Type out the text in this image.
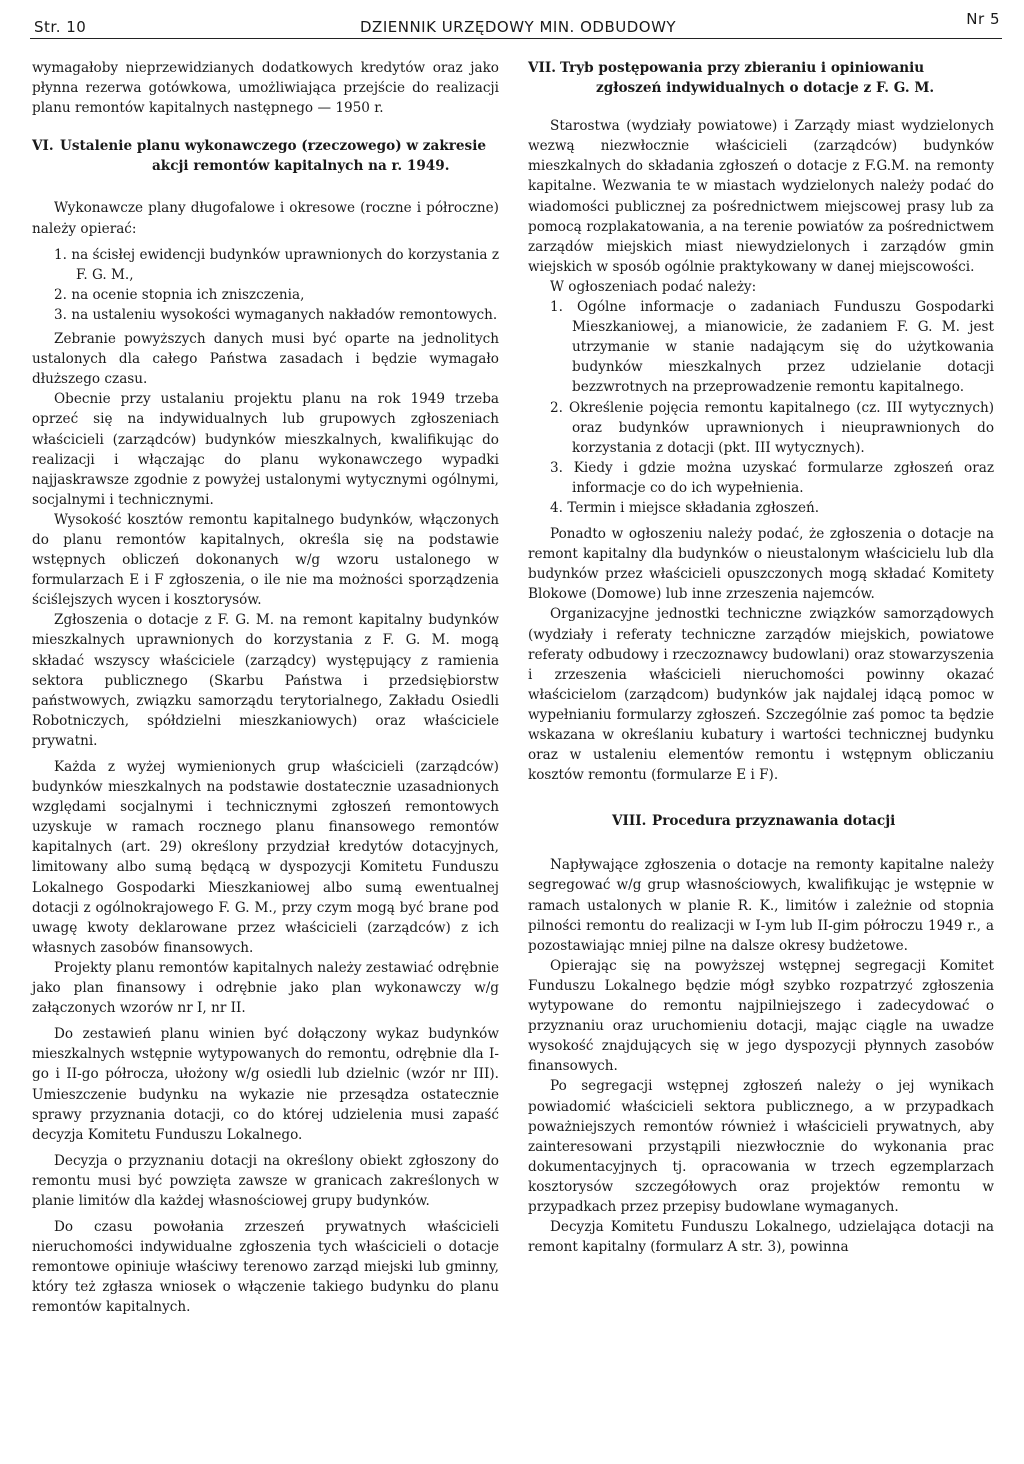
Str. 10	DZIENNIK URZĘDOWY MIN. ODBUDOWY	Nr 5

wymagałoby nieprzewidzianych dodatkowych kredytów oraz jako płynna rezerwa gotówkowa, umożliwiająca przejście do realizacji planu remontów kapitalnych następnego — 1950 r.

VI. Ustalenie planu wykonawczego (rzeczowego) w zakresie
akcji remontów kapitalnych na r. 1949.

Wykonawcze plany długofalowe i okresowe (roczne i półroczne) należy opierać:

1. na ścisłej ewidencji budynków uprawnionych do korzystania z F. G. M.,
2. na ocenie stopnia ich zniszczenia,
3. na ustaleniu wysokości wymaganych nakładów remontowych.

Zebranie powyższych danych musi być oparte na jednolitych ustalonych dla całego Państwa zasadach i będzie wymagało dłuższego czasu.

Obecnie przy ustalaniu projektu planu na rok 1949 trzeba oprzeć się na indywidualnych lub grupowych zgłoszeniach właścicieli (zarządców) budynków mieszkalnych, kwalifikując do realizacji i włączając do planu wykonawczego wypadki najjaskrawsze zgodnie z powyżej ustalonymi wytycznymi ogólnymi, socjalnymi i technicznymi.

Wysokość kosztów remontu kapitalnego budynków, włączonych do planu remontów kapitalnych, określa się na podstawie wstępnych obliczeń dokonanych w/g wzoru ustalonego w formularzach E i F zgłoszenia, o ile nie ma możności sporządzenia ściślejszych wycen i kosztorysów.

Zgłoszenia o dotacje z F. G. M. na remont kapitalny budynków mieszkalnych uprawnionych do korzystania z F. G. M. mogą składać wszyscy właściciele (zarządcy) występujący z ramienia sektora publicznego (Skarbu Państwa i przedsiębiorstw państwowych, związku samorządu terytorialnego, Zakładu Osiedli Robotniczych, spółdzielni mieszkaniowych) oraz właściciele prywatni.

Każda z wyżej wymienionych grup właścicieli (zarządców) budynków mieszkalnych na podstawie dostatecznie uzasadnionych względami socjalnymi i technicznymi zgłoszeń remontowych uzyskuje w ramach rocznego planu finansowego remontów kapitalnych (art. 29) określony przydział kredytów dotacyjnych, limitowany albo sumą będącą w dyspozycji Komitetu Funduszu Lokalnego Gospodarki Mieszkaniowej albo sumą ewentualnej dotacji z ogólnokrajowego F. G. M., przy czym mogą być brane pod uwagę kwoty deklarowane przez właścicieli (zarządców) z ich własnych zasobów finansowych.

Projekty planu remontów kapitalnych należy zestawiać odrębnie jako plan finansowy i odrębnie jako plan wykonawczy w/g załączonych wzorów nr I, nr II.

Do zestawień planu winien być dołączony wykaz budynków mieszkalnych wstępnie wytypowanych do remontu, odrębnie dla I-go i II-go półrocza, ułożony w/g osiedli lub dzielnic (wzór nr III). Umieszczenie budynku na wykazie nie przesądza ostatecznie sprawy przyznania dotacji, co do której udzielenia musi zapaść decyzja Komitetu Funduszu Lokalnego.

Decyzja o przyznaniu dotacji na określony obiekt zgłoszony do remontu musi być powzięta zawsze w granicach zakreślonych w planie limitów dla każdej własnościowej grupy budynków.

Do czasu powołania zrzeszeń prywatnych właścicieli nieruchomości indywidualne zgłoszenia tych właścicieli o dotacje remontowe opiniuje właściwy terenowo zarząd miejski lub gminny, który też zgłasza wniosek o włączenie takiego budynku do planu remontów kapitalnych.

VII. Tryb postępowania przy zbieraniu i opiniowaniu
zgłoszeń indywidualnych o dotacje z F. G. M.

Starostwa (wydziały powiatowe) i Zarządy miast wydzielonych wezwą niezwłocznie właścicieli (zarządców) budynków mieszkalnych do składania zgłoszeń o dotacje z F.G.M. na remonty kapitalne. Wezwania te w miastach wydzielonych należy podać do wiadomości publicznej za pośrednictwem miejscowej prasy lub za pomocą rozplakatowania, a na terenie powiatów za pośrednictwem zarządów miejskich miast niewydzielonych i zarządów gmin wiejskich w sposób ogólnie praktykowany w danej miejscowości.

W ogłoszeniach podać należy:

1. Ogólne informacje o zadaniach Funduszu Gospodarki Mieszkaniowej, a mianowicie, że zadaniem F. G. M. jest utrzymanie w stanie nadającym się do użytkowania budynków mieszkalnych przez udzielanie dotacji bezzwrotnych na przeprowadzenie remontu kapitalnego.
2. Określenie pojęcia remontu kapitalnego (cz. III wytycznych) oraz budynków uprawnionych i nieuprawnionych do korzystania z dotacji (pkt. III wytycznych).
3. Kiedy i gdzie można uzyskać formularze zgłoszeń oraz informacje co do ich wypełnienia.
4. Termin i miejsce składania zgłoszeń.

Ponadto w ogłoszeniu należy podać, że zgłoszenia o dotacje na remont kapitalny dla budynków o nieustalonym właścicielu lub dla budynków przez właścicieli opuszczonych mogą składać Komitety Blokowe (Domowe) lub inne zrzeszenia najemców.

Organizacyjne jednostki techniczne związków samorządowych (wydziały i referaty techniczne zarządów miejskich, powiatowe referaty odbudowy i rzeczoznawcy budowlani) oraz stowarzyszenia i zrzeszenia właścicieli nieruchomości powinny okazać właścicielom (zarządcom) budynków jak najdalej idącą pomoc w wypełnianiu formularzy zgłoszeń. Szczególnie zaś pomoc ta będzie wskazana w określaniu kubatury i wartości technicznej budynku oraz w ustaleniu elementów remontu i wstępnym obliczaniu kosztów remontu (formularze E i F).

VIII. Procedura przyznawania dotacji

Napływające zgłoszenia o dotacje na remonty kapitalne należy segregować w/g grup własnościowych, kwalifikując je wstępnie w ramach ustalonych w planie R. K., limitów i zależnie od stopnia pilności remontu do realizacji w I-ym lub II-gim półroczu 1949 r., a pozostawiając mniej pilne na dalsze okresy budżetowe.

Opierając się na powyższej wstępnej segregacji Komitet Funduszu Lokalnego będzie mógł szybko rozpatrzyć zgłoszenia wytypowane do remontu najpilniejszego i zadecydować o przyznaniu oraz uruchomieniu dotacji, mając ciągle na uwadze wysokość znajdujących się w jego dyspozycji płynnych zasobów finansowych.

Po segregacji wstępnej zgłoszeń należy o jej wynikach powiadomić właścicieli sektora publicznego, a w przypadkach poważniejszych remontów również i właścicieli prywatnych, aby zainteresowani przystąpili niezwłocznie do wykonania prac dokumentacyjnych tj. opracowania w trzech egzemplarzach kosztorysów szczegółowych oraz projektów remontu w przypadkach przez przepisy budowlane wymaganych.

Decyzja Komitetu Funduszu Lokalnego, udzielająca dotacji na remont kapitalny (formularz A str. 3), powinna
